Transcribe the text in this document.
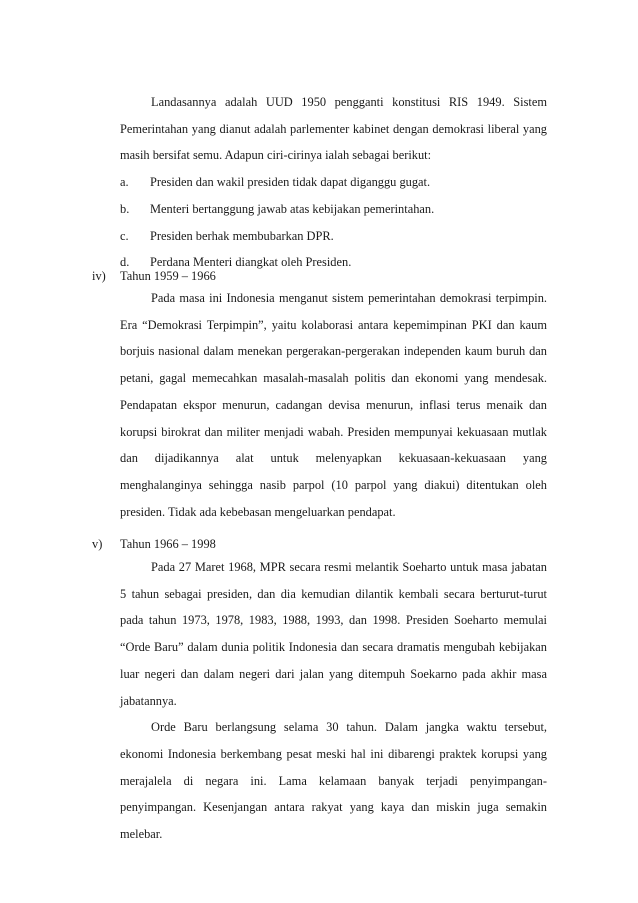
Landasannya adalah UUD 1950 pengganti konstitusi RIS 1949. Sistem Pemerintahan yang dianut adalah parlementer kabinet dengan demokrasi liberal yang masih bersifat semu. Adapun ciri-cirinya ialah sebagai berikut:

a. Presiden dan wakil presiden tidak dapat diganggu gugat.
b. Menteri bertanggung jawab atas kebijakan pemerintahan.
c. Presiden berhak membubarkan DPR.
d. Perdana Menteri diangkat oleh Presiden.
iv) Tahun 1959 – 1966

Pada masa ini Indonesia menganut sistem pemerintahan demokrasi terpimpin. Era “Demokrasi Terpimpin”, yaitu kolaborasi antara kepemimpinan PKI dan kaum borjuis nasional dalam menekan pergerakan-pergerakan independen kaum buruh dan petani, gagal memecahkan masalah-masalah politis dan ekonomi yang mendesak. Pendapatan ekspor menurun, cadangan devisa menurun, inflasi terus menaik dan korupsi birokrat dan militer menjadi wabah. Presiden mempunyai kekuasaan mutlak dan dijadikannya alat untuk melenyapkan kekuasaan-kekuasaan yang menghalanginya sehingga nasib parpol (10 parpol yang diakui) ditentukan oleh presiden. Tidak ada kebebasan mengeluarkan pendapat.

v) Tahun 1966 – 1998

Pada 27 Maret 1968, MPR secara resmi melantik Soeharto untuk masa jabatan 5 tahun sebagai presiden, dan dia kemudian dilantik kembali secara berturut-turut pada tahun 1973, 1978, 1983, 1988, 1993, dan 1998. Presiden Soeharto memulai “Orde Baru” dalam dunia politik Indonesia dan secara dramatis mengubah kebijakan luar negeri dan dalam negeri dari jalan yang ditempuh Soekarno pada akhir masa jabatannya.

Orde Baru berlangsung selama 30 tahun. Dalam jangka waktu tersebut, ekonomi Indonesia berkembang pesat meski hal ini dibarengi praktek korupsi yang merajalela di negara ini. Lama kelamaan banyak terjadi penyimpangan-penyimpangan. Kesenjangan antara rakyat yang kaya dan miskin juga semakin melebar.
